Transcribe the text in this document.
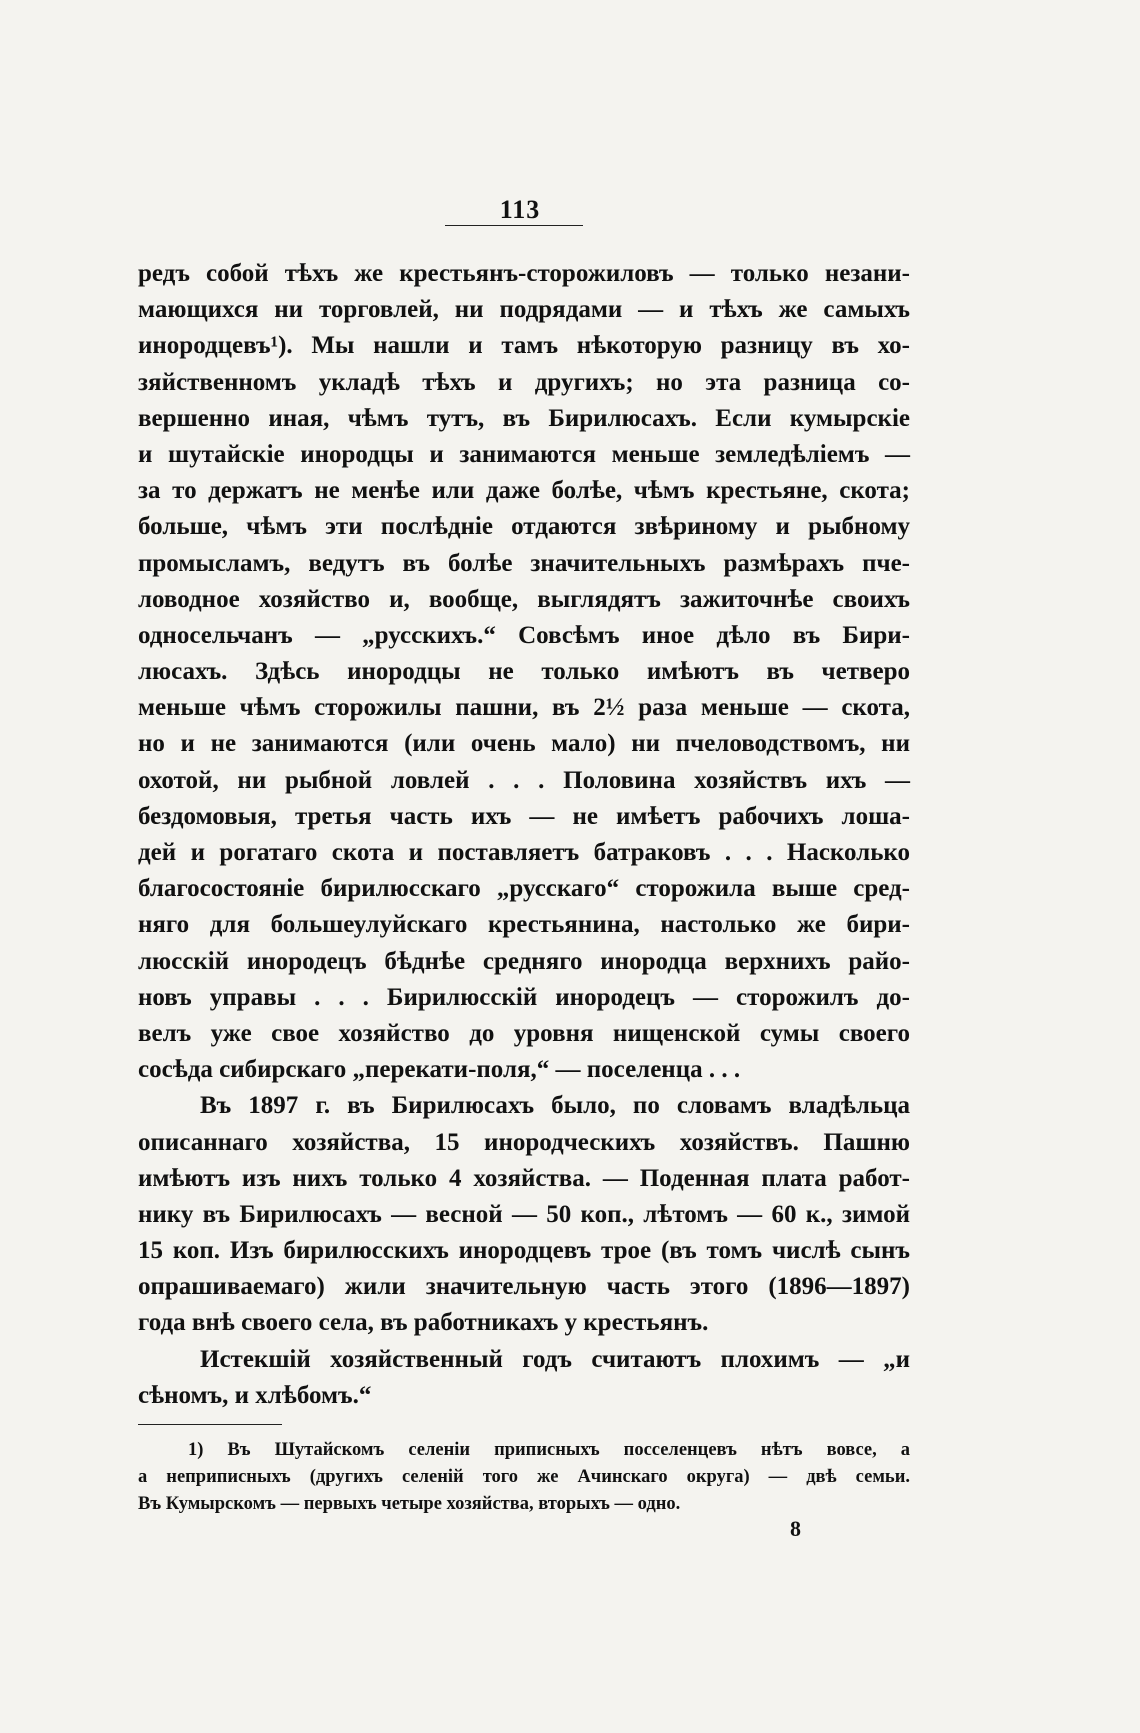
113
редъ собой тѣхъ же крестьянъ-сторожиловъ — только незани-
мающихся ни торговлей, ни подрядами — и тѣхъ же самыхъ
инородцевъ¹). Мы нашли и тамъ нѣкоторую разницу въ хо-
зяйственномъ укладѣ тѣхъ и другихъ; но эта разница со-
вершенно иная, чѣмъ тутъ, въ Бирилюсахъ. Если кумырскіе
и шутайскіе инородцы и занимаются меньше земледѣліемъ —
за то держатъ не менѣе или даже болѣе, чѣмъ крестьяне, скота;
больше, чѣмъ эти послѣдніе отдаются звѣриному и рыбному
промысламъ, ведутъ въ болѣе значительныхъ размѣрахъ пче-
ловодное хозяйство и, вообще, выглядятъ зажиточнѣе своихъ
односельчанъ — „русскихъ.“ Совсѣмъ иное дѣло въ Бири-
люсахъ. Здѣсь инородцы не только имѣютъ въ четверо
меньше чѣмъ сторожилы пашни, въ 2½ раза меньше — скота,
но и не занимаются (или очень мало) ни пчеловодствомъ, ни
охотой, ни рыбной ловлей . . . Половина хозяйствъ ихъ —
бездомовыя, третья часть ихъ — не имѣетъ рабочихъ лоша-
дей и рогатаго скота и поставляетъ батраковъ . . . Насколько
благосостояніе бирилюсскаго „русскаго“ сторожила выше сред-
няго для большеулуйскаго крестьянина, настолько же бири-
люсскій инородецъ бѣднѣе средняго инородца верхнихъ райо-
новъ управы . . . Бирилюсскій инородецъ — сторожилъ до-
велъ уже свое хозяйство до уровня нищенской сумы своего
сосѣда сибирскаго „перекати-поля,“ — поселенца . . .
Въ 1897 г. въ Бирилюсахъ было, по словамъ владѣльца
описаннаго хозяйства, 15 инородческихъ хозяйствъ. Пашню
имѣютъ изъ нихъ только 4 хозяйства. — Поденная плата работ-
нику въ Бирилюсахъ — весной — 50 коп., лѣтомъ — 60 к., зимой
15 коп. Изъ бирилюсскихъ инородцевъ трое (въ томъ числѣ сынъ
опрашиваемаго) жили значительную часть этого (1896—1897)
года внѣ своего села, въ работникахъ у крестьянъ.
Истекшій хозяйственный годъ считаютъ плохимъ — „и
сѣномъ, и хлѣбомъ.“
1) Въ Шутайскомъ селеніи приписныхъ посселенцевъ нѣтъ вовсе, а
а неприписныхъ (другихъ селеній того же Ачинскаго округа) — двѣ семьи.
Въ Кумырскомъ — первыхъ четыре хозяйства, вторыхъ — одно.
8
